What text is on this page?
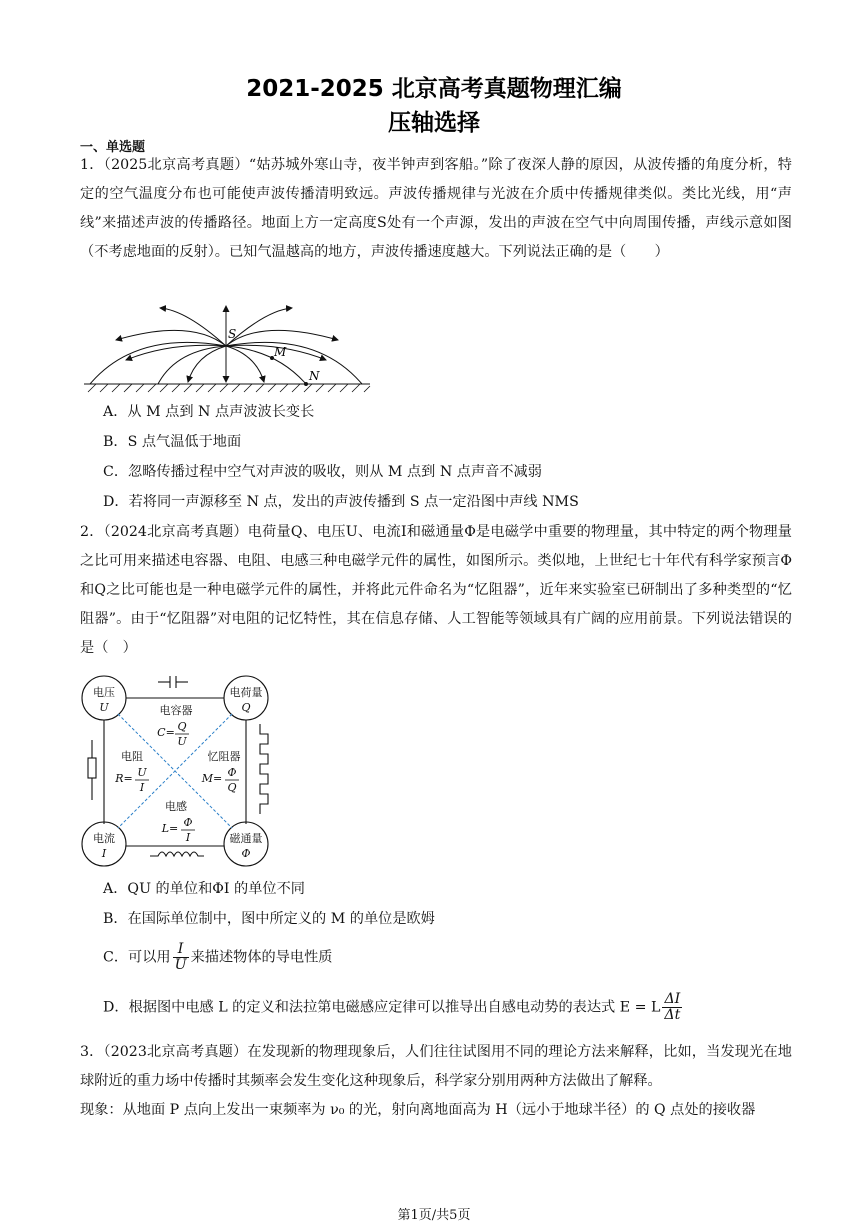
2021-2025 北京高考真题物理汇编
压轴选择
一、单选题
1．（2025北京高考真题）“姑苏城外寒山寺，夜半钟声到客船。”除了夜深人静的原因，从波传播的角度分析，特定的空气温度分布也可能使声波传播清明致远。声波传播规律与光波在介质中传播规律类似。类比光线，用“声线”来描述声波的传播路径。地面上方一定高度S处有一个声源，发出的声波在空气中向周围传播，声线示意如图（不考虑地面的反射）。已知气温越高的地方，声波传播速度越大。下列说法正确的是（　　）
S
M
N
A．从 M 点到 N 点声波波长变长
B．S 点气温低于地面
C．忽略传播过程中空气对声波的吸收，则从 M 点到 N 点声音不减弱
D．若将同一声源移至 N 点，发出的声波传播到 S 点一定沿图中声线 NMS
2．（2024北京高考真题）电荷量Q、电压U、电流I和磁通量Φ是电磁学中重要的物理量，其中特定的两个物理量之比可用来描述电容器、电阻、电感三种电磁学元件的属性，如图所示。类似地，上世纪七十年代有科学家预言Φ和Q之比可能也是一种电磁学元件的属性，并将此元件命名为“忆阻器”，近年来实验室已研制出了多种类型的“忆阻器”。由于“忆阻器”对电阻的记忆特性，其在信息存储、人工智能等领域具有广阔的应用前景。下列说法错误的是（　）
电压
U
电荷量
Q
电流
I
磁通量
Φ
电容器
C= Q
U
电阻
R= U
I
忆阻器
M= Φ
Q
电感
L= Φ
I
A．QU 的单位和ΦI 的单位不同
B．在国际单位制中，图中所定义的 M 的单位是欧姆
C．可以用 $\frac{I}{U}$ 来描述物体的导电性质
D．根据图中电感 L 的定义和法拉第电磁感应定律可以推导出自感电动势的表达式 E = L $\frac{\Delta I}{\Delta t}$
3．（2023北京高考真题）在发现新的物理现象后，人们往往试图用不同的理论方法来解释，比如，当发现光在地球附近的重力场中传播时其频率会发生变化这种现象后，科学家分别用两种方法做出了解释。
现象：从地面 P 点向上发出一束频率为 ν₀ 的光，射向离地面高为 H（远小于地球半径）的 Q 点处的接收器
第1页/共5页
